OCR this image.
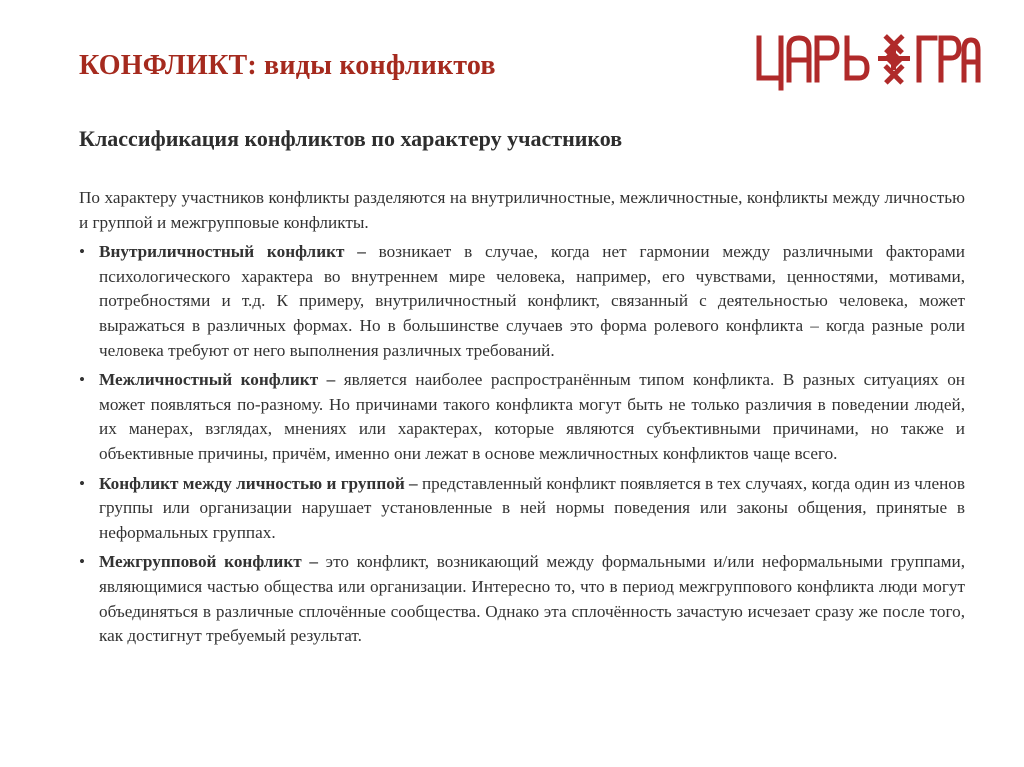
КОНФЛИКТ: виды конфликтов
Классификация конфликтов по характеру участников

По характеру участников конфликты разделяются на внутриличностные, межличностные, конфликты между личностью и группой и межгрупповые конфликты.

• Внутриличностный конфликт – возникает в случае, когда нет гармонии между различными факторами психологического характера во внутреннем мире человека, например, его чувствами, ценностями, мотивами, потребностями и т.д. К примеру, внутриличностный конфликт, связанный с деятельностью человека, может выражаться в различных формах. Но в большинстве случаев это форма ролевого конфликта – когда разные роли человека требуют от него выполнения различных требований.
• Межличностный конфликт – является наиболее распространённым типом конфликта. В разных ситуациях он может появляться по-разному. Но причинами такого конфликта могут быть не только различия в поведении людей, их манерах, взглядах, мнениях или характерах, которые являются субъективными причинами, но также и объективные причины, причём, именно они лежат в основе межличностных конфликтов чаще всего.
• Конфликт между личностью и группой – представленный конфликт появляется в тех случаях, когда один из членов группы или организации нарушает установленные в ней нормы поведения или законы общения, принятые в неформальных группах.
• Межгрупповой конфликт – это конфликт, возникающий между формальными и/или неформальными группами, являющимися частью общества или организации. Интересно то, что в период межгруппового конфликта люди могут объединяться в различные сплочённые сообщества. Однако эта сплочённость зачастую исчезает сразу же после того, как достигнут требуемый результат.
